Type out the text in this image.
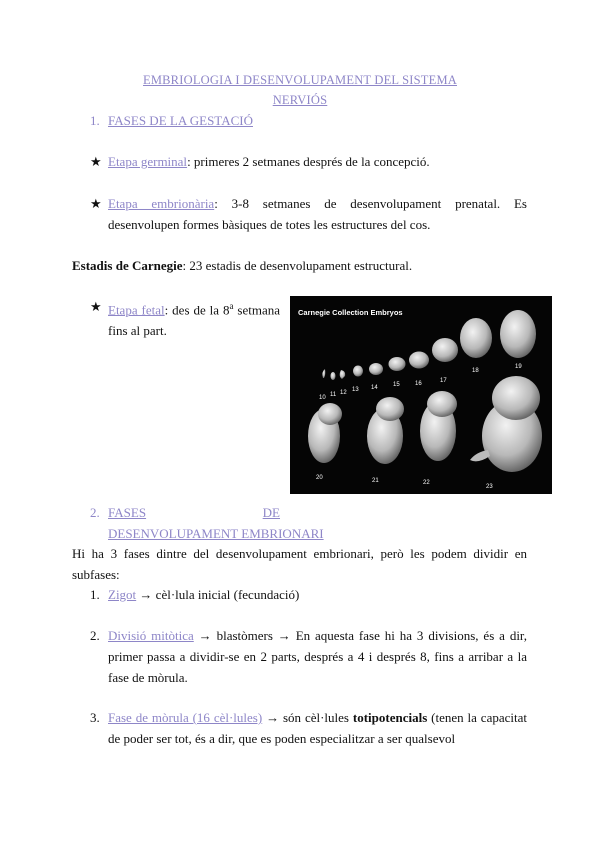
EMBRIOLOGIA I DESENVOLUPAMENT DEL SISTEMA
NERVIÓS
1. FASES DE LA GESTACIÓ
★ Etapa germinal: primeres 2 setmanes després de la concepció.
★ Etapa embrionària: 3-8 setmanes de desenvolupament prenatal. Es desenvolupen formes bàsiques de totes les estructures del cos.
Estadis de Carnegie: 23 estadis de desenvolupament estructural.
★ Etapa fetal: des de la 8$^a$ setmana fins al part.
Carnegie Collection Embryos
10 11 12 13 14	15	16	17
18
19
20	21	22
23
2. FASES	DE
DESENVOLUPAMENT EMBRIONARI
Hi ha 3 fases dintre del desenvolupament embrionari, però les podem dividir en subfases:
1. Zigot → cèl·lula inicial (fecundació)
2. Divisió mitòtica → blastòmers → En aquesta fase hi ha 3 divisions, és a dir, primer passa a dividir-se en 2 parts, després a 4 i després 8, fins a arribar a la fase de mòrula.
3. Fase de mòrula (16 cèl·lules) → són cèl·lules totipotencials (tenen la capacitat de poder ser tot, és a dir, que es poden especialitzar a ser qualsevol
